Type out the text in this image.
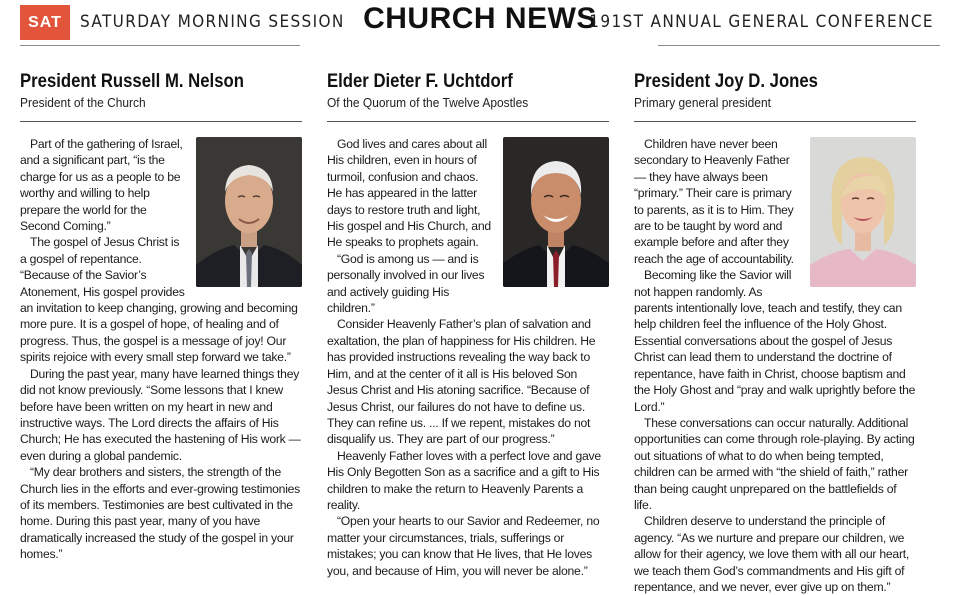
SAT	SATURDAY MORNING SESSION CHURCH NEWS
191ST ANNUAL GENERAL CONFERENCE
President Russell M. Nelson
President of the Church

Part of the gathering of Israel, and a significant part, “is the charge for us as a people to be worthy and willing to help prepare the world for the Second Coming.”

The gospel of Jesus Christ is a gospel of repentance. “Because of the Savior’s Atonement, His gospel provides an invitation to keep changing, growing and becoming more pure. It is a gospel of hope, of healing and of progress. Thus, the gospel is a message of joy! Our spirits rejoice with every small step forward we take.”

During the past year, many have learned things they did not know previously. “Some lessons that I knew before have been written on my heart in new and instructive ways. The Lord directs the affairs of His Church; He has executed the hastening of His work — even during a global pandemic.

“My dear brothers and sisters, the strength of the Church lies in the efforts and ever-growing testimonies of its members. Testimonies are best cultivated in the home. During this past year, many of you have dramatically increased the study of the gospel in your homes.”

Elder Dieter F. Uchtdorf
Of the Quorum of the Twelve Apostles

God lives and cares about all His children, even in hours of turmoil, confusion and chaos. He has appeared in the latter days to restore truth and light, His gospel and His Church, and He speaks to prophets again.

“God is among us — and is personally involved in our lives and actively guiding His children.”

Consider Heavenly Father’s plan of salvation and exaltation, the plan of happiness for His children. He has provided instructions revealing the way back to Him, and at the center of it all is His beloved Son Jesus Christ and His atoning sacrifice. “Because of Jesus Christ, our failures do not have to define us. They can refine us. ... If we repent, mistakes do not disqualify us. They are part of our progress.”

Heavenly Father loves with a perfect love and gave His Only Begotten Son as a sacrifice and a gift to His children to make the return to Heavenly Parents a reality.

“Open your hearts to our Savior and Redeemer, no matter your circumstances, trials, sufferings or mistakes; you can know that He lives, that He loves you, and because of Him, you will never be alone.”

President Joy D. Jones
Primary general president

Children have never been secondary to Heavenly Father — they have always been “primary.” Their care is primary to parents, as it is to Him. They are to be taught by word and example before and after they reach the age of accountability.

Becoming like the Savior will not happen randomly. As parents intentionally love, teach and testify, they can help children feel the influence of the Holy Ghost. Essential conversations about the gospel of Jesus Christ can lead them to understand the doctrine of repentance, have faith in Christ, choose baptism and the Holy Ghost and “pray and walk uprightly before the Lord.”

These conversations can occur naturally. Additional opportunities can come through role-playing. By acting out situations of what to do when being tempted, children can be armed with “the shield of faith,” rather than being caught unprepared on the battlefields of life.

Children deserve to understand the principle of agency. “As we nurture and prepare our children, we allow for their agency, we love them with all our heart, we teach them God’s commandments and His gift of repentance, and we never, ever give up on them.”
